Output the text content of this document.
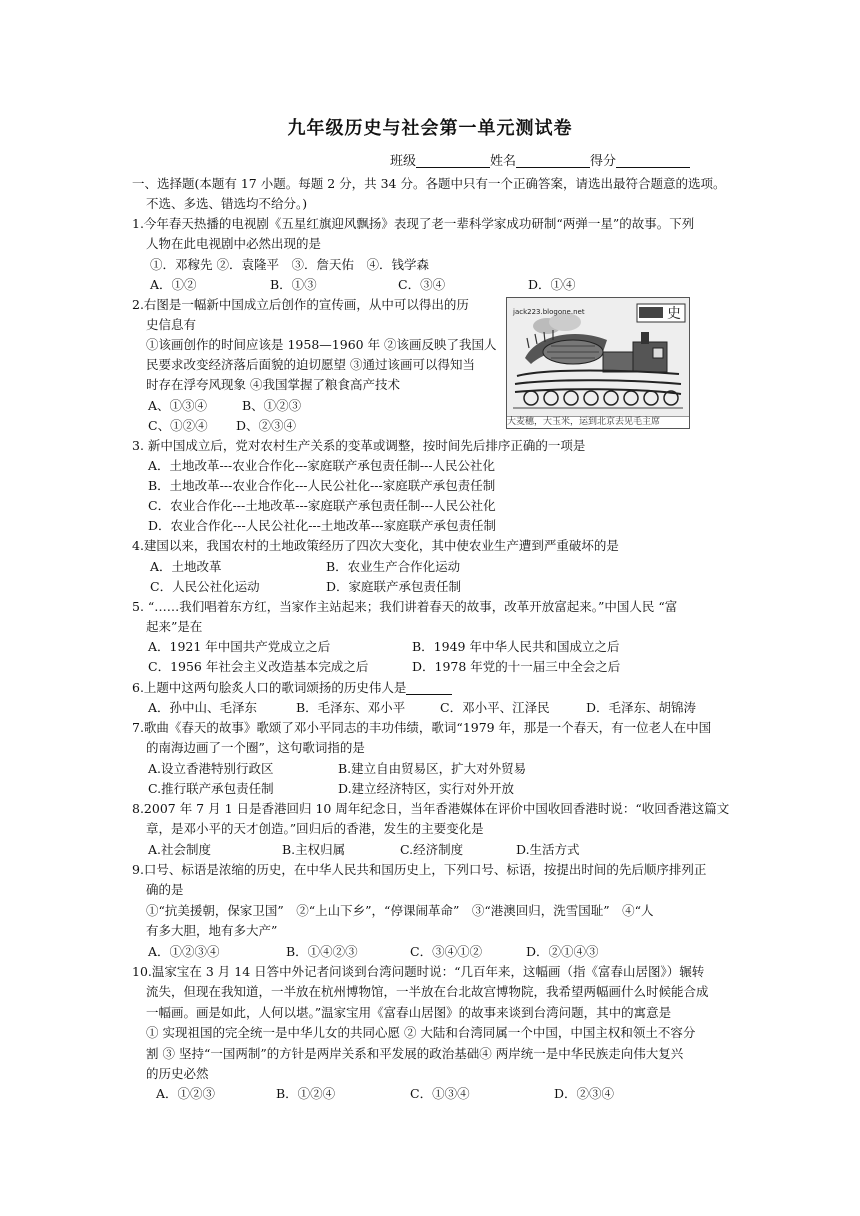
九年级历史与社会第一单元测试卷
班级	姓名	得分
一、选择题(本题有 17 小题。每题 2 分，共 34 分。各题中只有一个正确答案，请选出最符合题意的选项。
不选、多选、错选均不给分。)
1.今年春天热播的电视剧《五星红旗迎风飘扬》表现了老一辈科学家成功研制“两弹一星”的故事。下列
人物在此电视剧中必然出现的是
①．邓稼先 ②．袁隆平　③．詹天佑　④．钱学森
A．①②	B．①③	C．③④	D．①④
2.右图是一幅新中国成立后创作的宣传画，从中可以得出的历
史信息有
①该画创作的时间应该是 1958—1960 年 ②该画反映了我国人
民要求改变经济落后面貌的迫切愿望 ③通过该画可以得知当
时存在浮夸风现象 ④我国掌握了粮食高产技术
A、①③④	B、①②③
C、①②④ D、②③④
史
jack223.blogone.net
大麦穗，大玉米，运到北京去见毛主席
3. 新中国成立后，党对农村生产关系的变革或调整，按时间先后排序正确的一项是
A．土地改革---农业合作化---家庭联产承包责任制---人民公社化
B．土地改革---农业合作化---人民公社化---家庭联产承包责任制
C．农业合作化---土地改革---家庭联产承包责任制---人民公社化
D．农业合作化---人民公社化---土地改革---家庭联产承包责任制
4.建国以来，我国农村的土地政策经历了四次大变化，其中使农业生产遭到严重破坏的是
A．土地改革	B．农业生产合作化运动
C．人民公社化运动	D．家庭联产承包责任制
5. “……我们唱着东方红，当家作主站起来；我们讲着春天的故事，改革开放富起来。”中国人民 “富
起来”是在
A．1921 年中国共产党成立之后	B．1949 年中华人民共和国成立之后
C．1956 年社会主义改造基本完成之后	D．1978 年党的十一届三中全会之后
6.上题中这两句脍炙人口的歌词颂扬的历史伟人是
A．孙中山、毛泽东	B．毛泽东、邓小平	C．邓小平、江泽民	D．毛泽东、胡锦涛
7.歌曲《春天的故事》歌颂了邓小平同志的丰功伟绩，歌词“1979 年，那是一个春天，有一位老人在中国
的南海边画了一个圈”，这句歌词指的是
A.设立香港特别行政区	B.建立自由贸易区，扩大对外贸易
C.推行联产承包责任制	D.建立经济特区，实行对外开放
8.2007 年 7 月 1 日是香港回归 10 周年纪念日，当年香港媒体在评价中国收回香港时说：“收回香港这篇文
章，是邓小平的天才创造。”回归后的香港，发生的主要变化是
A.社会制度	B.主权归属	C.经济制度	D.生活方式
9.口号、标语是浓缩的历史，在中华人民共和国历史上，下列口号、标语，按提出时间的先后顺序排列正
确的是
①“抗美援朝，保家卫国”　②“上山下乡”，“停课闹革命”　③“港澳回归，洗雪国耻”　④“人
有多大胆，地有多大产”
A．①②③④	B．①④②③	C．③④①②	D．②①④③
10.温家宝在 3 月 14 日答中外记者问谈到台湾问题时说：“几百年来，这幅画（指《富春山居图》）辗转
流失，但现在我知道，一半放在杭州博物馆，一半放在台北故宫博物院，我希望两幅画什么时候能合成
一幅画。画是如此，人何以堪。”温家宝用《富春山居图》的故事来谈到台湾问题，其中的寓意是
① 实现祖国的完全统一是中华儿女的共同心愿 ② 大陆和台湾同属一个中国，中国主权和领土不容分
割 ③ 坚持“一国两制”的方针是两岸关系和平发展的政治基础④ 两岸统一是中华民族走向伟大复兴
的历史必然
A．①②③	B．①②④	C．①③④	D．②③④
